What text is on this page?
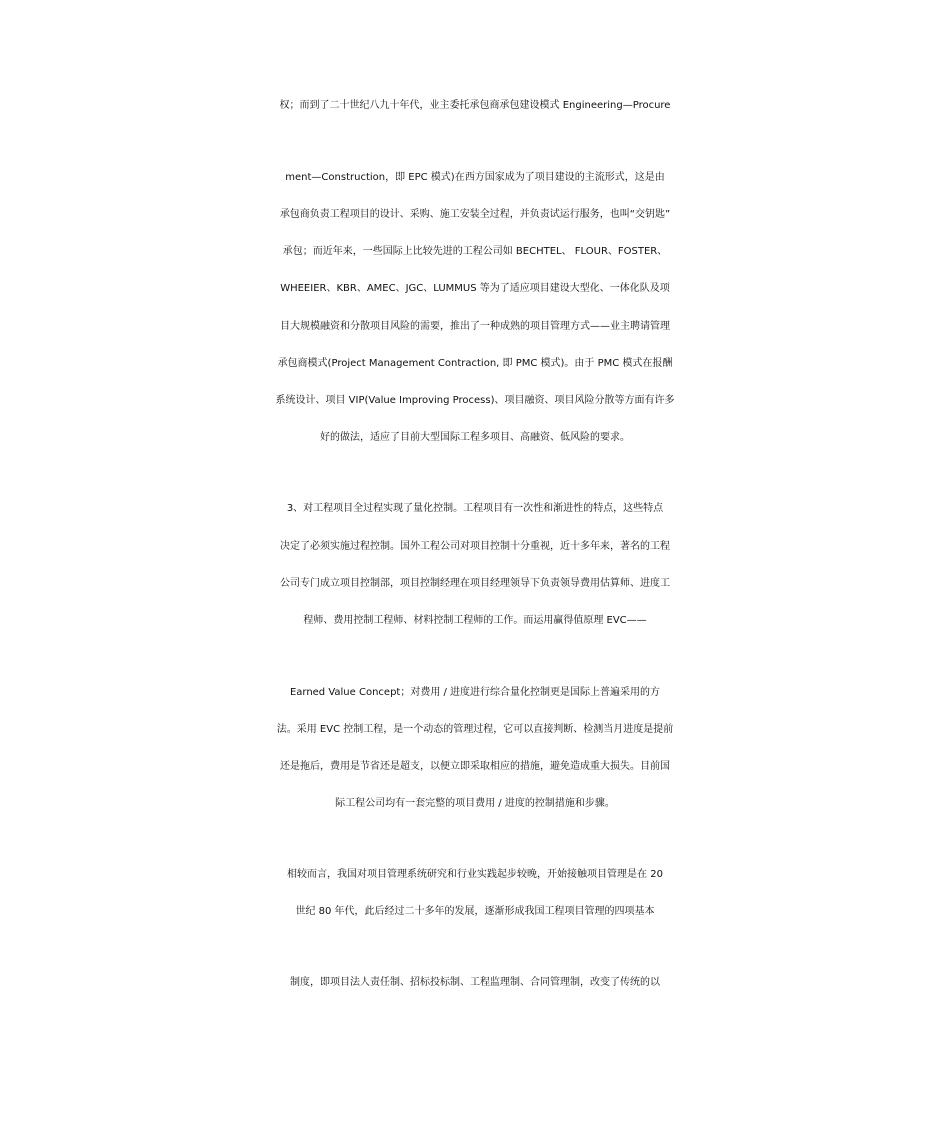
权；而到了二十世纪八九十年代，业主委托承包商承包建设模式 Engineering—Procure
ment—Construction，即 EPC 模式)在西方国家成为了项目建设的主流形式，这是由
承包商负责工程项目的设计、采购、施工安装全过程，并负责试运行服务，也叫“交钥匙”
承包；而近年来，一些国际上比较先进的工程公司如 BECHTEL、 FLOUR、FOSTER、
WHEEIER、KBR、AMEC、JGC、LUMMUS 等为了适应项目建设大型化、一体化队及项
目大规模融资和分散项目风险的需要，推出了一种成熟的项目管理方式——业主聘请管理
承包商模式(Project Management Contraction, 即 PMC 模式)。由于 PMC 模式在报酬
系统设计、项目 VIP(Value Improving Process)、项目融资、项目风险分散等方面有许多
好的做法，适应了目前大型国际工程多项目、高融资、低风险的要求。
3、对工程项目全过程实现了量化控制。工程项目有一次性和渐进性的特点，这些特点
决定了必须实施过程控制。国外工程公司对项目控制十分重视，近十多年来，著名的工程
公司专门成立项目控制部，项目控制经理在项目经理领导下负责领导费用估算师、进度工
程师、费用控制工程师、材料控制工程师的工作。而运用赢得值原理 EVC——
Earned Value Concept；对费用 / 进度进行综合量化控制更是国际上普遍采用的方
法。采用 EVC 控制工程，是一个动态的管理过程，它可以直接判断、检测当月进度是提前
还是拖后，费用是节省还是超支，以便立即采取相应的措施，避免造成重大损失。目前国
际工程公司均有一套完整的项目费用 / 进度的控制措施和步骤。
相较而言，我国对项目管理系统研究和行业实践起步较晚，开始接触项目管理是在 20
世纪 80 年代，此后经过二十多年的发展，逐渐形成我国工程项目管理的四项基本
制度，即项目法人责任制、招标投标制、工程监理制、合同管理制，改变了传统的以
